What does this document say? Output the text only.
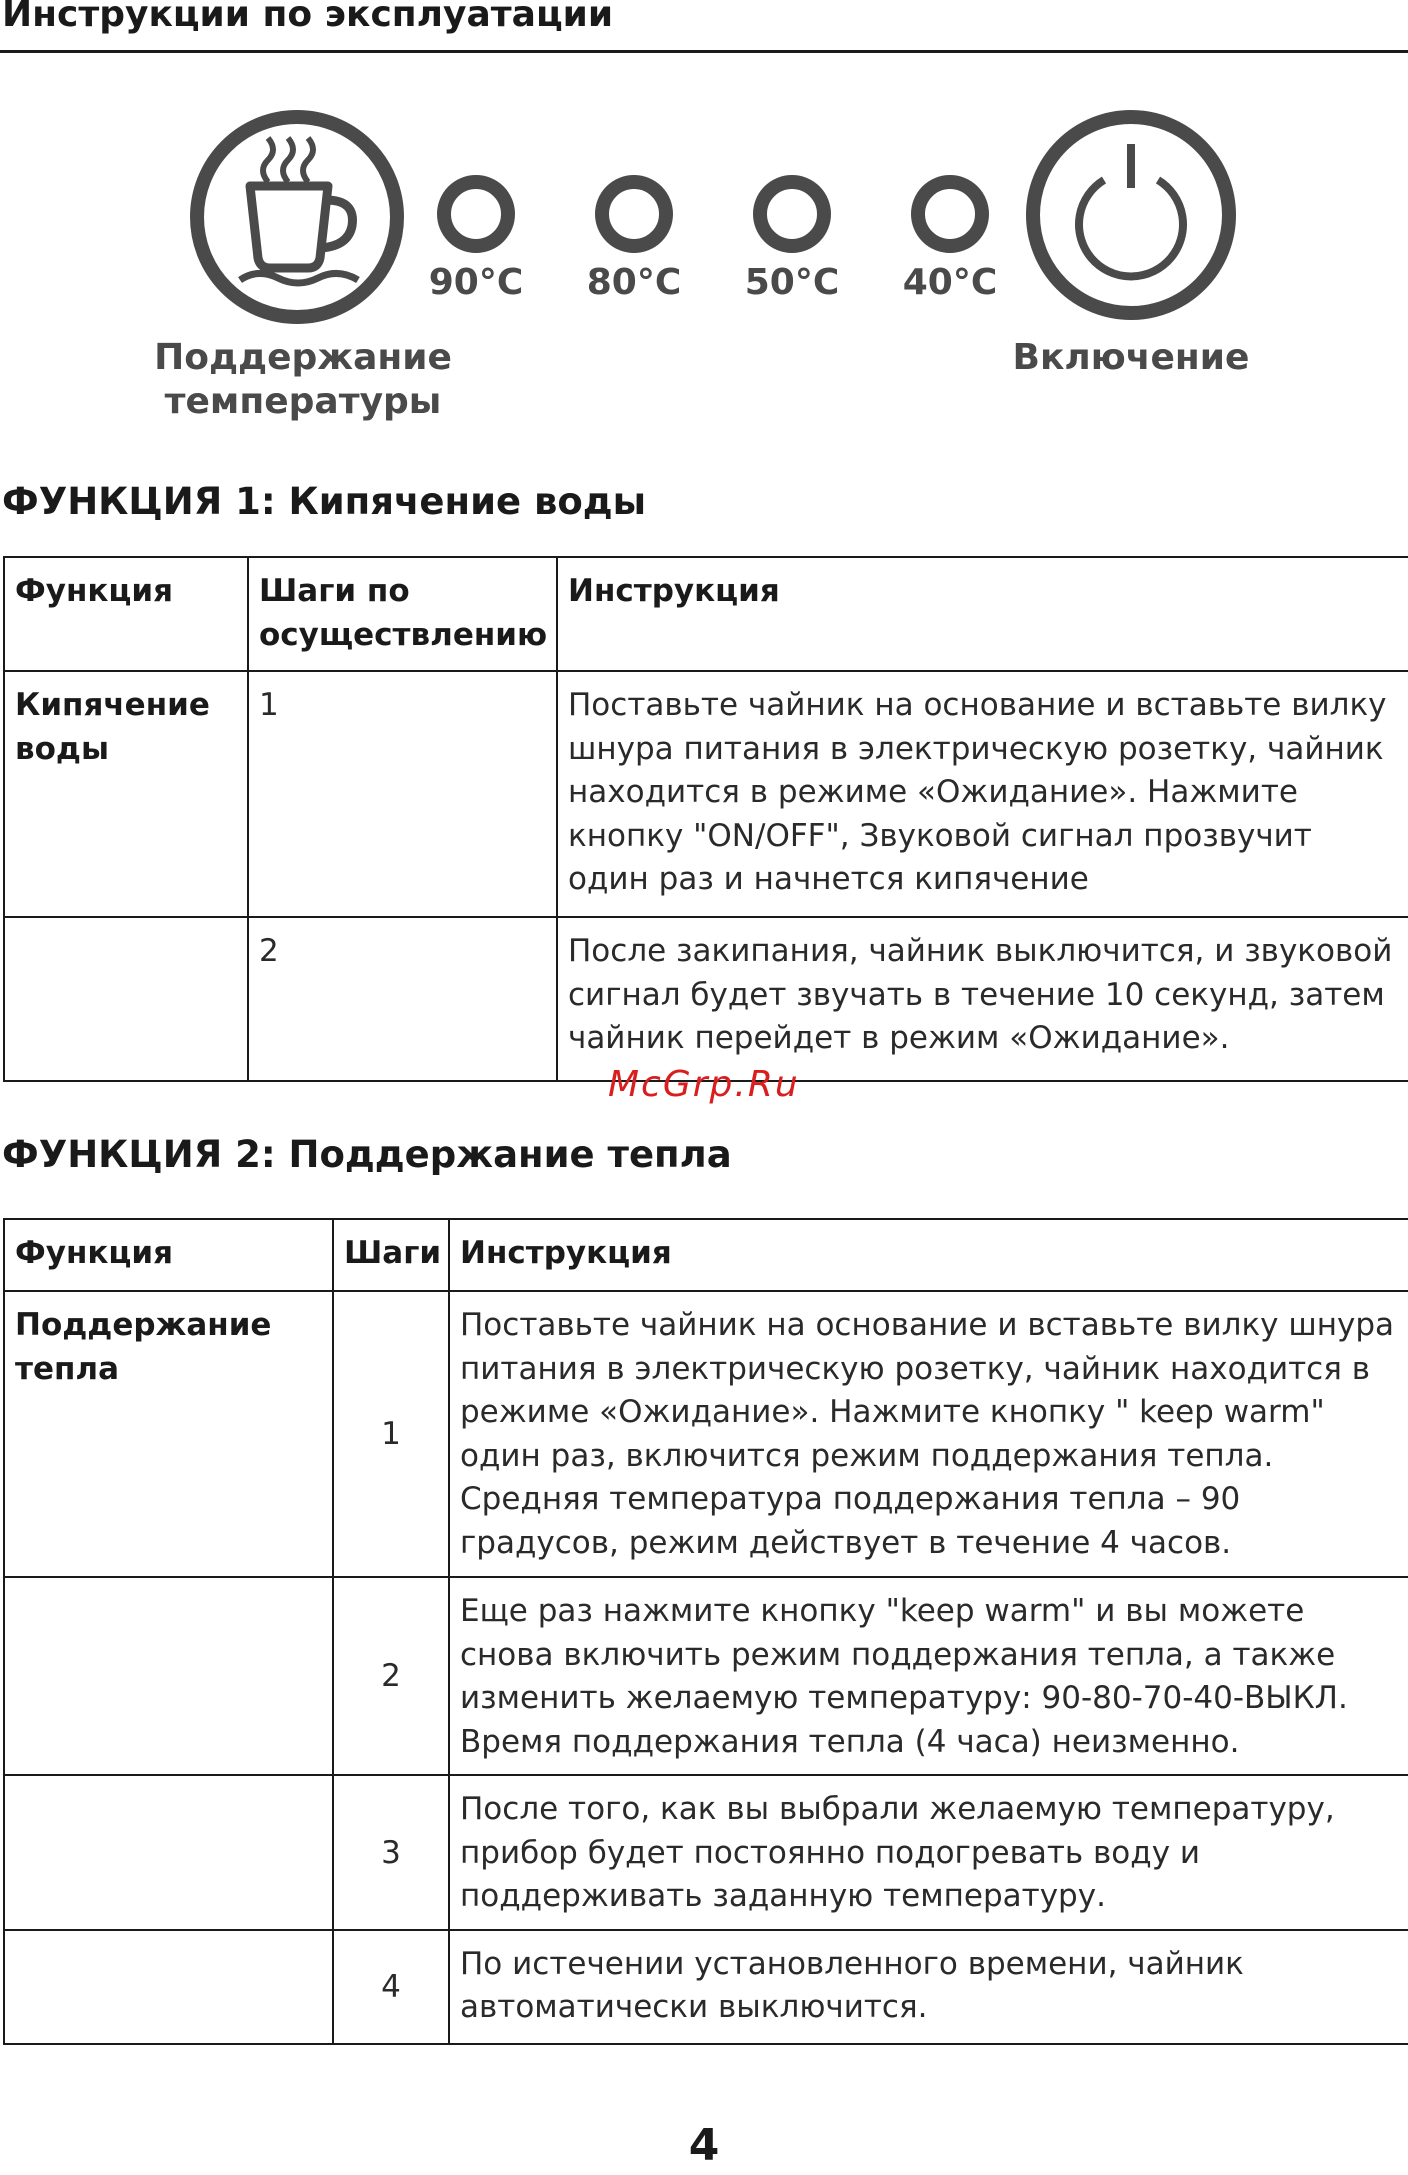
Инструкции по эксплуатации
90°C	80°C	50°C	40°C
Поддержание
температуры
Включение
ФУНКЦИЯ 1: Кипячение воды
Функция	Шаги по осуществлению	Инструкция
Кипячение воды	1	Поставьте чайник на основание и вставьте вилку шнура питания в электрическую розетку, чайник находится в режиме «Ожидание». Нажмите кнопку "ON/OFF", Звуковой сигнал прозвучит один раз и начнется кипячение
	2	После закипания, чайник выключится, и звуковой сигнал будет звучать в течение 10 секунд, затем чайник перейдет в режим «Ожидание».
McGrp.Ru
ФУНКЦИЯ 2: Поддержание тепла
Функция	Шаги	Инструкция
Поддержание тепла	1	Поставьте чайник на основание и вставьте вилку шнура питания в электрическую розетку, чайник находится в режиме «Ожидание». Нажмите кнопку " keep warm" один раз, включится режим поддержания тепла. Средняя температура поддержания тепла – 90 градусов, режим действует в течение 4 часов.
	2	Еще раз нажмите кнопку "keep warm" и вы можете снова включить режим поддержания тепла, а также изменить желаемую температуру: 90-80-70-40-ВЫКЛ. Время поддержания тепла (4 часа) неизменно.
	3	После того, как вы выбрали желаемую температуру, прибор будет постоянно подогревать воду и поддерживать заданную температуру.
	4	По истечении установленного времени, чайник автоматически выключится.
4
